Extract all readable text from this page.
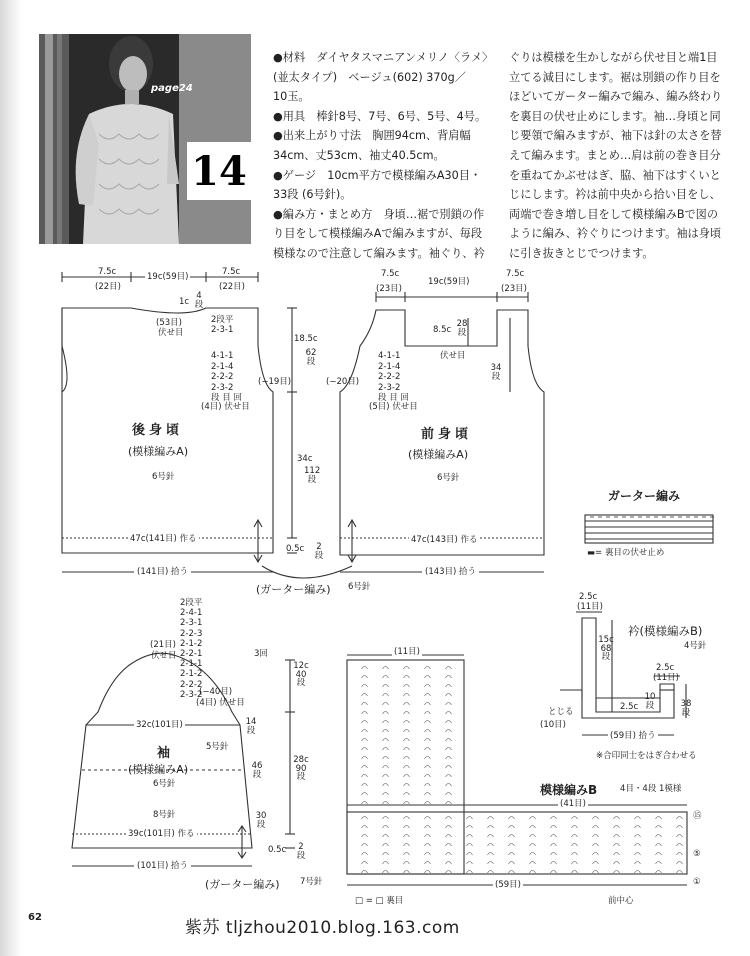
page24
14
●材料　ダイヤタスマニアンメリノ〈ラメ〉
(並太タイプ)　ベージュ(602) 370g／
10玉。
●用具　棒針8号、7号、6号、5号、4号。
●出来上がり寸法　胸囲94cm、背肩幅
34cm、丈53cm、袖丈40.5cm。
●ゲージ　10cm平方で模様編みA30目・
33段 (6号針)。
●編み方・まとめ方　身頃…裾で別鎖の作
り目をして模様編みAで編みますが、毎段
模様なので注意して編みます。袖ぐり、衿
ぐりは模様を生かしながら伏せ目と端1目
立てる減目にします。裾は別鎖の作り目を
ほどいてガーター編みで編み、編み終わり
を裏目の伏せ止めにします。袖…身頃と同
じ要領で編みますが、袖下は針の太さを替
えて編みます。まとめ…肩は前の巻き目分
を重ねてかぶせはぎ、脇、袖下はすくいと
じにします。衿は前中央から拾い目をし、
両端で巻き増し目をして模様編みBで図の
ように編み、衿ぐりにつけます。袖は身頃
に引き抜きとじでつけます。
7.5c
(22目)
19c(59目)	7.5c
(22目)
1c
4
段
(53目)
伏せ目
2段平
2-3-1
4-1-1
2-1-4
2-2-2
2-3-2
段 目 回
(4目) 伏せ目
(−19目)
後身頃
(模様編みA)
6号針
47c(141目) 作る
(141目) 拾う
18.5c
62
段
34c
112
段
0.5c 2
段
7.5c
(23目)
19c(59目)
7.5c
(23目)
8.5c
28
段
伏せ目
34
段
4-1-1
2-1-4
2-2-2
2-3-2
段 目 回
(5目) 伏せ目
(−20目)
前身頃
(模様編みA)
6号針
47c(143目) 作る
(143目) 拾う
(ガーター編み) 6号針
ガーター編み
▬= 裏目の伏せ止め
2段平
2-4-1
2-3-1
2-2-3
2-1-2
2-2-1
2-1-1
2-1-2
2-2-2
2-3-2
3回
(21目)
伏せ目
(−40目)
(4目) 伏せ目
32c(101目)
5号針
12c
40
段
14
段
46
段
30
段
28c
90
段
0.5c 2
段
袖
(模様編みA)
6号針
8号針
39c(101目) 作る
(101目) 拾う
(ガーター編み) 7号針
(11目)
模様編みB	4目・4段 1模様
(41目)
⑮
⑤
①
(59目)
前中心
□ = □ 裏目
2.5c
(11目)
衿(模様編みB)
4号針
15c
68
段
2.5c
(11目)
2.5c
10
段	38
段
とじる
(10目)
(59目) 拾う
※合印同士をはぎ合わせる
62
紫苏 tljzhou2010.blog.163.com
